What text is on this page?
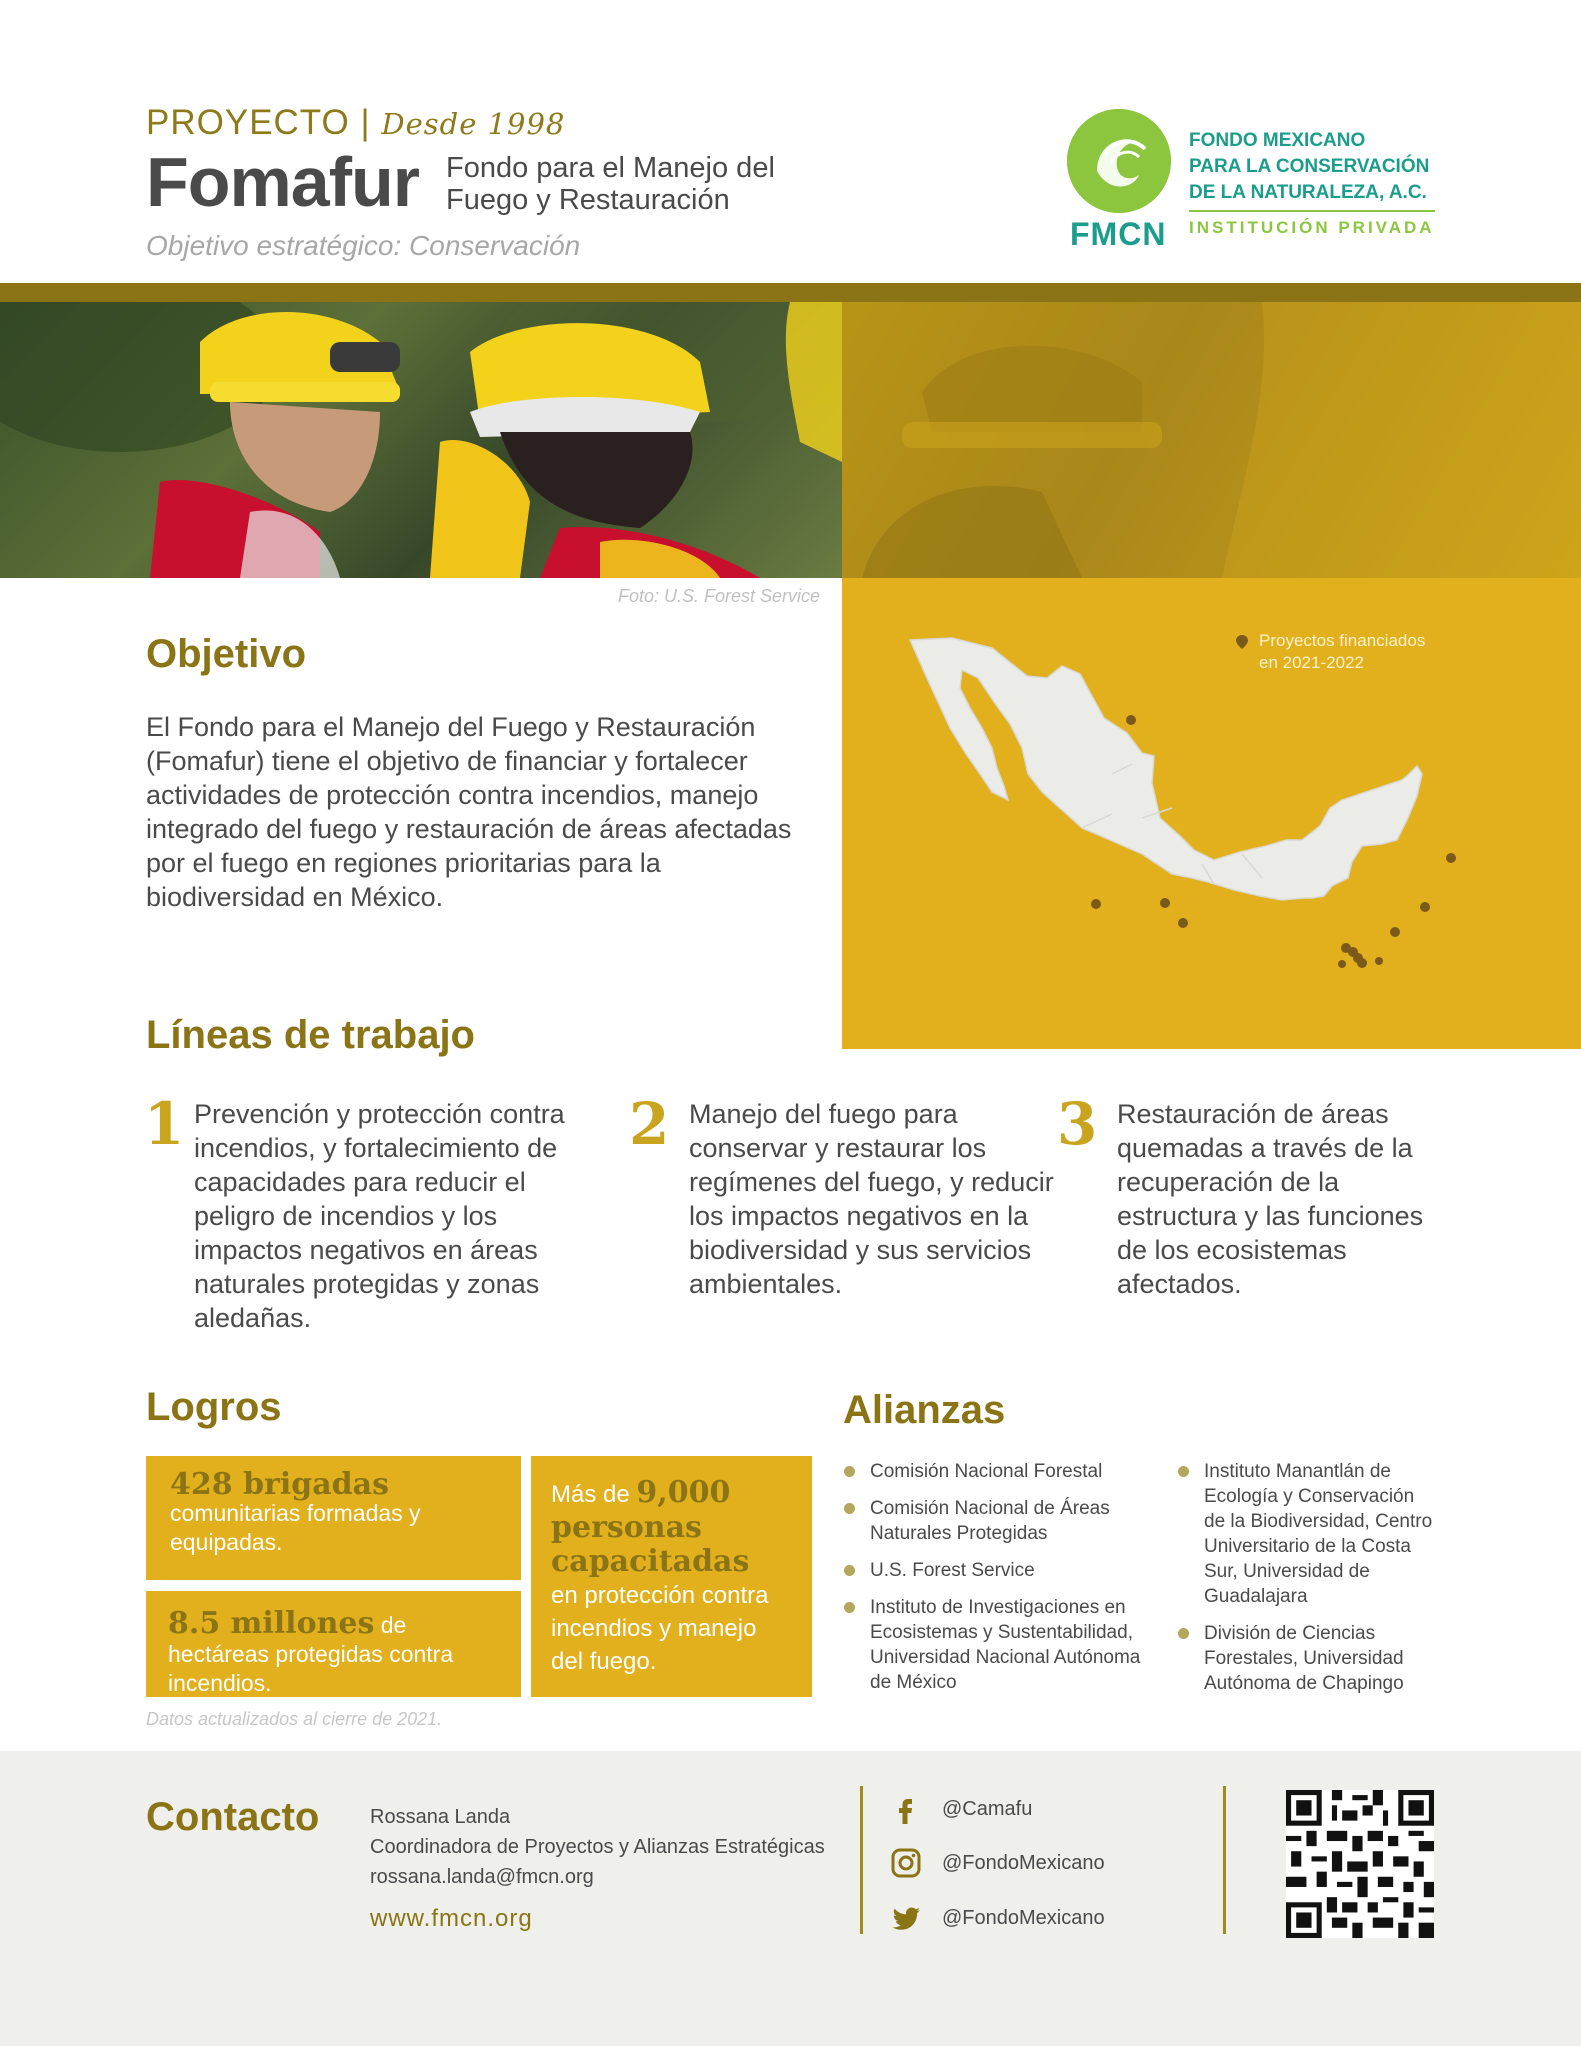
PROYECTO | Desde 1998
Fomafur Fondo para el Manejo del
Fuego y Restauración
Objetivo estratégico: Conservación	FMCN
FONDO MEXICANO
PARA LA CONSERVACIÓN
DE LA NATURALEZA, A.C.
INSTITUCIÓN PRIVADA
Foto: U.S. Forest Service
Proyectos financiados
en 2021-2022
Objetivo
El Fondo para el Manejo del Fuego y Restauración (Fomafur) tiene el objetivo de financiar y fortalecer actividades de protección contra incendios, manejo integrado del fuego y restauración de áreas afectadas por el fuego en regiones prioritarias para la biodiversidad en México.
Líneas de trabajo
1 Prevención y protección contra incendios, y fortalecimiento de capacidades para reducir el peligro de incendios y los impactos negativos en áreas naturales protegidas y zonas aledañas.
2 Manejo del fuego para conservar y restaurar los regímenes del fuego, y reducir los impactos negativos en la biodiversidad y sus servicios ambientales.
3 Restauración de áreas quemadas a través de la recuperación de la estructura y las funciones de los ecosistemas afectados.
Logros
428 brigadas
comunitarias formadas y equipadas.
8.5 millones de hectáreas protegidas contra incendios.
Más de 9,000
personas capacitadas
en protección contra incendios y manejo del fuego.
Datos actualizados al cierre de 2021.
Alianzas
Comisión Nacional Forestal
Comisión Nacional de Áreas Naturales Protegidas
U.S. Forest Service
Instituto de Investigaciones en Ecosistemas y Sustentabilidad, Universidad Nacional Autónoma de México
Instituto Manantlán de Ecología y Conservación de la Biodiversidad, Centro Universitario de la Costa Sur, Universidad de Guadalajara
División de Ciencias Forestales, Universidad Autónoma de Chapingo
Contacto	Rossana Landa
Coordinadora de Proyectos y Alianzas Estratégicas
rossana.landa@fmcn.org
www.fmcn.org
@Camafu
@FondoMexicano
@FondoMexicano
